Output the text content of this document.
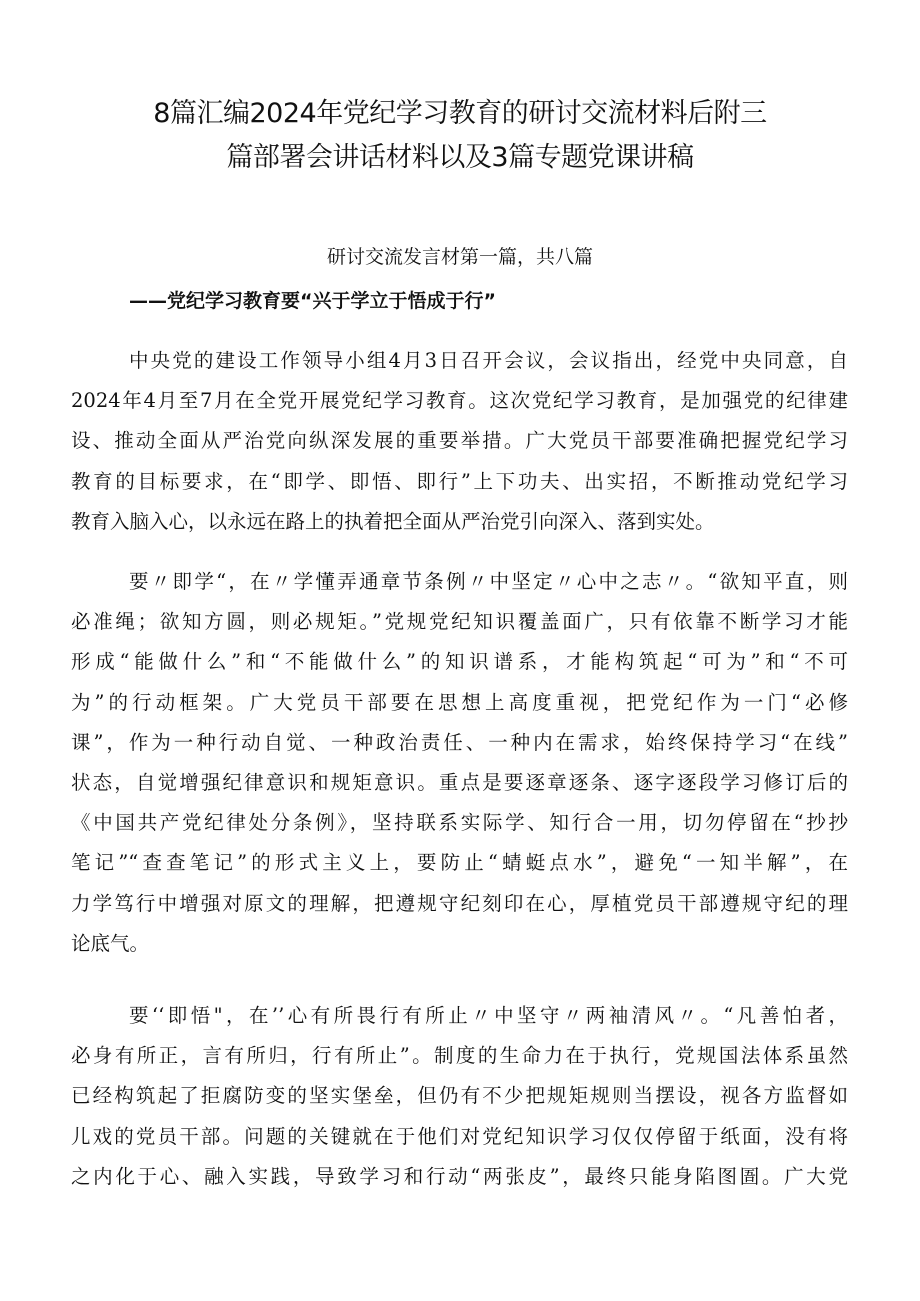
8篇汇编2024年党纪学习教育的研讨交流材料后附三
篇部署会讲话材料以及3篇专题党课讲稿
研讨交流发言材第一篇，共八篇
——党纪学习教育要“兴于学立于悟成于行”
中央党的建设工作领导小组4月3日召开会议，会议指出，经党中央同意，自
2024年4月至7月在全党开展党纪学习教育。这次党纪学习教育，是加强党的纪律建
设、推动全面从严治党向纵深发展的重要举措。广大党员干部要准确把握党纪学习
教育的目标要求，在“即学、即悟、即行”上下功夫、出实招，不断推动党纪学习
教育入脑入心，以永远在路上的执着把全面从严治党引向深入、落到实处。
要〃即学“，在〃学懂弄通章节条例〃中坚定〃心中之志〃。“欲知平直，则
必准绳；欲知方圆，则必规矩。”党规党纪知识覆盖面广，只有依靠不断学习才能
形成“能做什么”和“不能做什么”的知识谱系，才能构筑起“可为”和“不可
为”的行动框架。广大党员干部要在思想上高度重视，把党纪作为一门“必修
课”，作为一种行动自觉、一种政治责任、一种内在需求，始终保持学习“在线”
状态，自觉增强纪律意识和规矩意识。重点是要逐章逐条、逐字逐段学习修订后的
《中国共产党纪律处分条例》，坚持联系实际学、知行合一用，切勿停留在“抄抄
笔记”“查查笔记”的形式主义上，要防止“蜻蜓点水”，避免“一知半解”，在
力学笃行中增强对原文的理解，把遵规守纪刻印在心，厚植党员干部遵规守纪的理
论底气。
要‘‘即悟"，在’’心有所畏行有所止〃中坚守〃两袖清风〃。“凡善怕者，
必身有所正，言有所归，行有所止”。制度的生命力在于执行，党规国法体系虽然
已经构筑起了拒腐防变的坚实堡垒，但仍有不少把规矩规则当摆设，视各方监督如
儿戏的党员干部。问题的关键就在于他们对党纪知识学习仅仅停留于纸面，没有将
之内化于心、融入实践，导致学习和行动“两张皮”，最终只能身陷图圄。广大党
